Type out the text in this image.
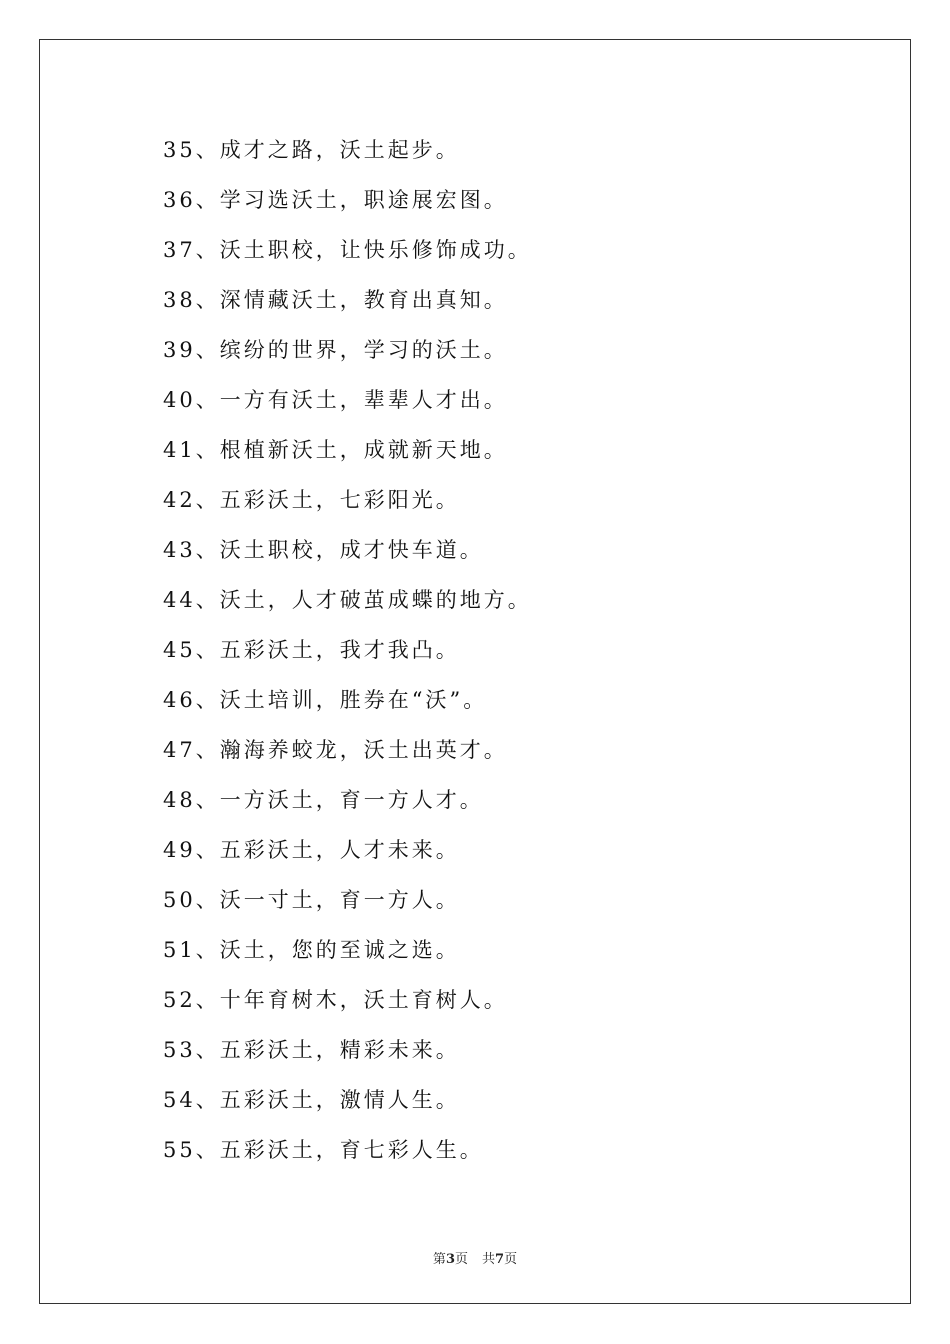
35、成才之路，沃土起步。
36、学习选沃土，职途展宏图。
37、沃土职校，让快乐修饰成功。
38、深情藏沃土，教育出真知。
39、缤纷的世界，学习的沃土。
40、一方有沃土，辈辈人才出。
41、根植新沃土，成就新天地。
42、五彩沃土，七彩阳光。
43、沃土职校，成才快车道。
44、沃土，人才破茧成蝶的地方。
45、五彩沃土，我才我凸。
46、沃土培训，胜券在“沃”。
47、瀚海养蛟龙，沃土出英才。
48、一方沃土，育一方人才。
49、五彩沃土，人才未来。
50、沃一寸土，育一方人。
51、沃土，您的至诚之选。
52、十年育树木，沃土育树人。
53、五彩沃土，精彩未来。
54、五彩沃土，激情人生。
55、五彩沃土，育七彩人生。
第3页 共7页
